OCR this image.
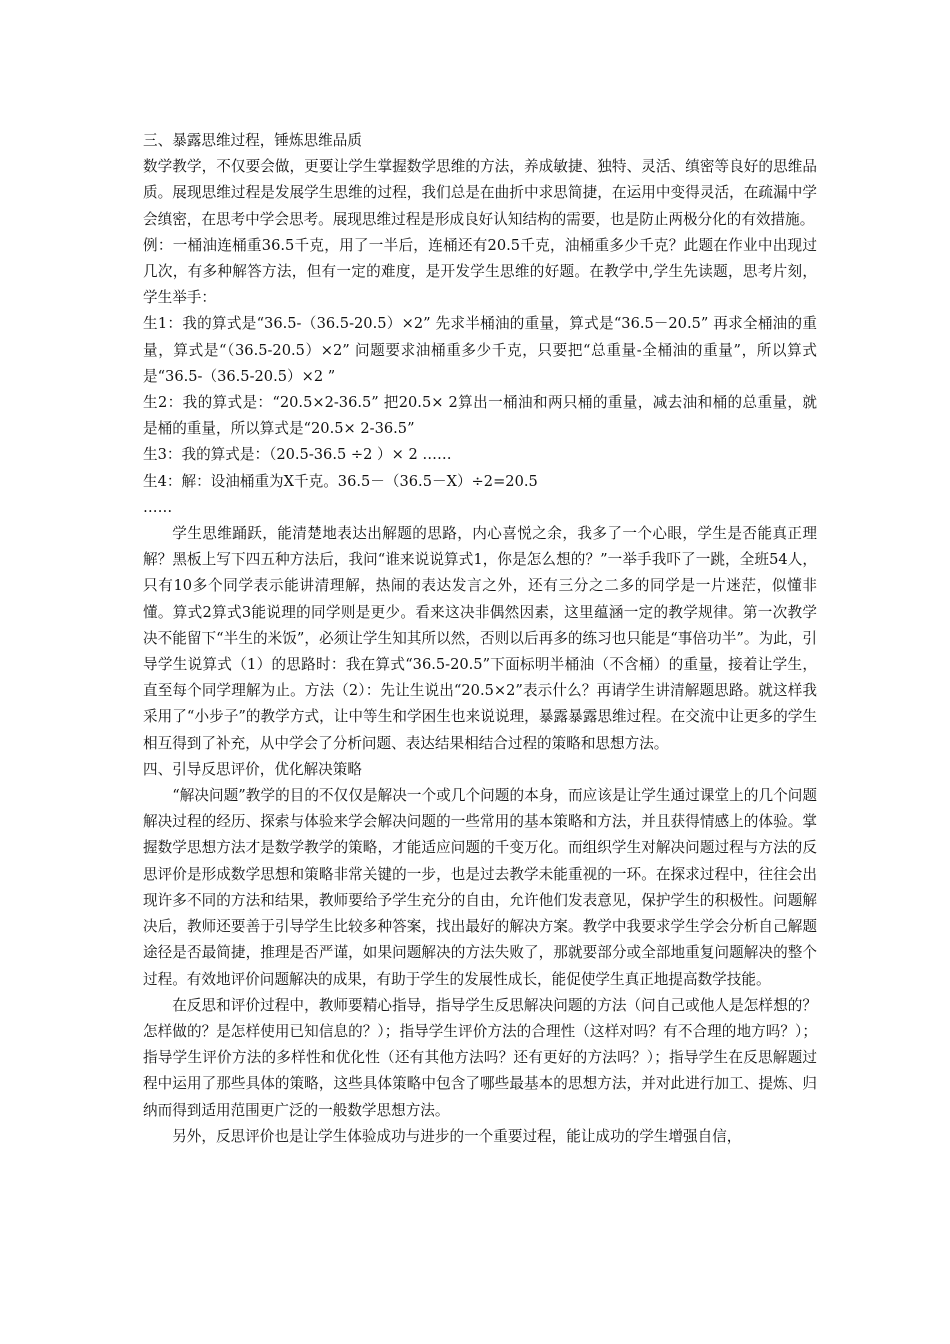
三、暴露思维过程，锤炼思维品质

数学教学，不仅要会做，更要让学生掌握数学思维的方法，养成敏捷、独特、灵活、缜密等良好的思维品质。展现思维过程是发展学生思维的过程，我们总是在曲折中求思简捷，在运用中变得灵活，在疏漏中学会缜密，在思考中学会思考。展现思维过程是形成良好认知结构的需要，也是防止两极分化的有效措施。

例：一桶油连桶重36.5千克，用了一半后，连桶还有20.5千克，油桶重多少千克？此题在作业中出现过几次，有多种解答方法，但有一定的难度，是开发学生思维的好题。在教学中,学生先读题，思考片刻，学生举手：

生1：我的算式是“36.5-（36.5-20.5）×2” 先求半桶油的重量，算式是“36.5－20.5” 再求全桶油的重量，算式是“（36.5-20.5）×2” 问题要求油桶重多少千克，只要把“总重量-全桶油的重量”，所以算式是“36.5-（36.5-20.5）×2 ”

生2：我的算式是：“20.5×2-36.5” 把20.5× 2算出一桶油和两只桶的重量，减去油和桶的总重量，就是桶的重量，所以算式是“20.5× 2-36.5”

生3：我的算式是：（20.5-36.5 ÷2 ）× 2 ……

生4：解：设油桶重为X千克。36.5－（36.5－X）÷2=20.5

……

学生思维踊跃，能清楚地表达出解题的思路，内心喜悦之余，我多了一个心眼，学生是否能真正理解？黑板上写下四五种方法后，我问“谁来说说算式1，你是怎么想的？”一举手我吓了一跳，全班54人，只有10多个同学表示能讲清理解，热闹的表达发言之外，还有三分之二多的同学是一片迷茫，似懂非懂。算式2算式3能说理的同学则是更少。看来这决非偶然因素，这里蕴涵一定的教学规律。第一次教学决不能留下“半生的米饭”，必须让学生知其所以然，否则以后再多的练习也只能是“事倍功半”。为此，引导学生说算式（1）的思路时：我在算式“36.5-20.5”下面标明半桶油（不含桶）的重量，接着让学生，直至每个同学理解为止。方法（2）：先让生说出“20.5×2”表示什么？再请学生讲清解题思路。就这样我采用了“小步子”的教学方式，让中等生和学困生也来说说理，暴露暴露思维过程。在交流中让更多的学生相互得到了补充，从中学会了分析问题、表达结果相结合过程的策略和思想方法。

四、引导反思评价，优化解决策略

“解决问题”教学的目的不仅仅是解决一个或几个问题的本身，而应该是让学生通过课堂上的几个问题解决过程的经历、探索与体验来学会解决问题的一些常用的基本策略和方法，并且获得情感上的体验。掌握数学思想方法才是数学教学的策略，才能适应问题的千变万化。而组织学生对解决问题过程与方法的反思评价是形成数学思想和策略非常关键的一步，也是过去教学未能重视的一环。在探求过程中，往往会出现许多不同的方法和结果，教师要给予学生充分的自由，允许他们发表意见，保护学生的积极性。问题解决后，教师还要善于引导学生比较多种答案，找出最好的解决方案。教学中我要求学生学会分析自己解题途径是否最简捷，推理是否严谨，如果问题解决的方法失败了，那就要部分或全部地重复问题解决的整个过程。有效地评价问题解决的成果，有助于学生的发展性成长，能促使学生真正地提高数学技能。

在反思和评价过程中，教师要精心指导，指导学生反思解决问题的方法（问自己或他人是怎样想的？怎样做的？是怎样使用已知信息的？）；指导学生评价方法的合理性（这样对吗？有不合理的地方吗？）；指导学生评价方法的多样性和优化性（还有其他方法吗？还有更好的方法吗？）；指导学生在反思解题过程中运用了那些具体的策略，这些具体策略中包含了哪些最基本的思想方法，并对此进行加工、提炼、归纳而得到适用范围更广泛的一般数学思想方法。

另外，反思评价也是让学生体验成功与进步的一个重要过程，能让成功的学生增强自信，
